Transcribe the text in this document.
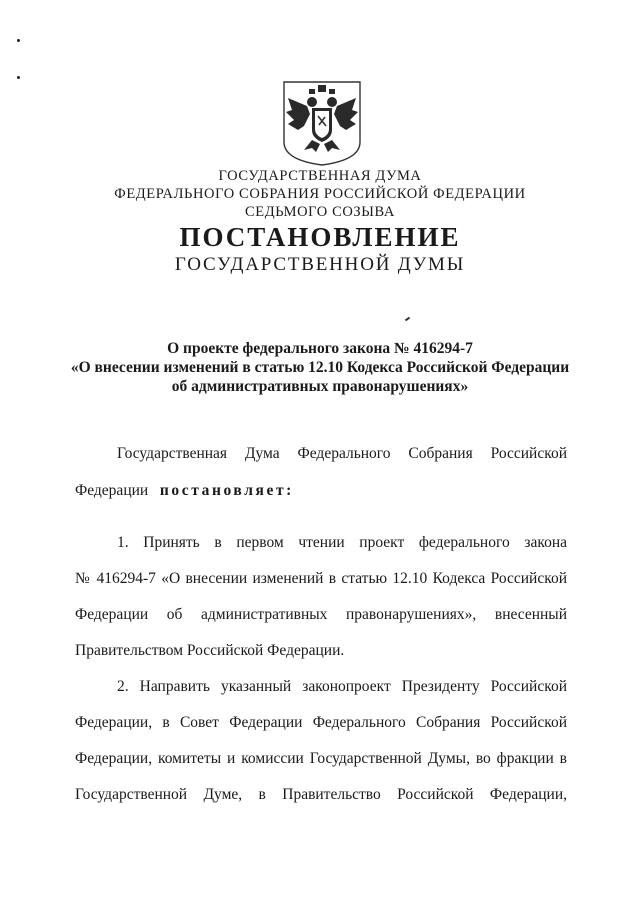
ГОСУДАРСТВЕННАЯ ДУМА
ФЕДЕРАЛЬНОГО СОБРАНИЯ РОССИЙСКОЙ ФЕДЕРАЦИИ
СЕДЬМОГО СОЗЫВА
ПОСТАНОВЛЕНИЕ
ГОСУДАРСТВЕННОЙ ДУМЫ
О проекте федерального закона № 416294-7
«О внесении изменений в статью 12.10 Кодекса Российской Федерации
об административных правонарушениях»
Государственная Дума Федерального Собрания Российской
Федерации постановляет:
1. Принять в первом чтении проект федерального закона
№ 416294-7 «О внесении изменений в статью 12.10 Кодекса Российской
Федерации об административных правонарушениях», внесенный
Правительством Российской Федерации.
2. Направить указанный законопроект Президенту Российской
Федерации, в Совет Федерации Федерального Собрания Российской
Федерации, комитеты и комиссии Государственной Думы, во фракции в
Государственной Думе, в Правительство Российской Федерации,
